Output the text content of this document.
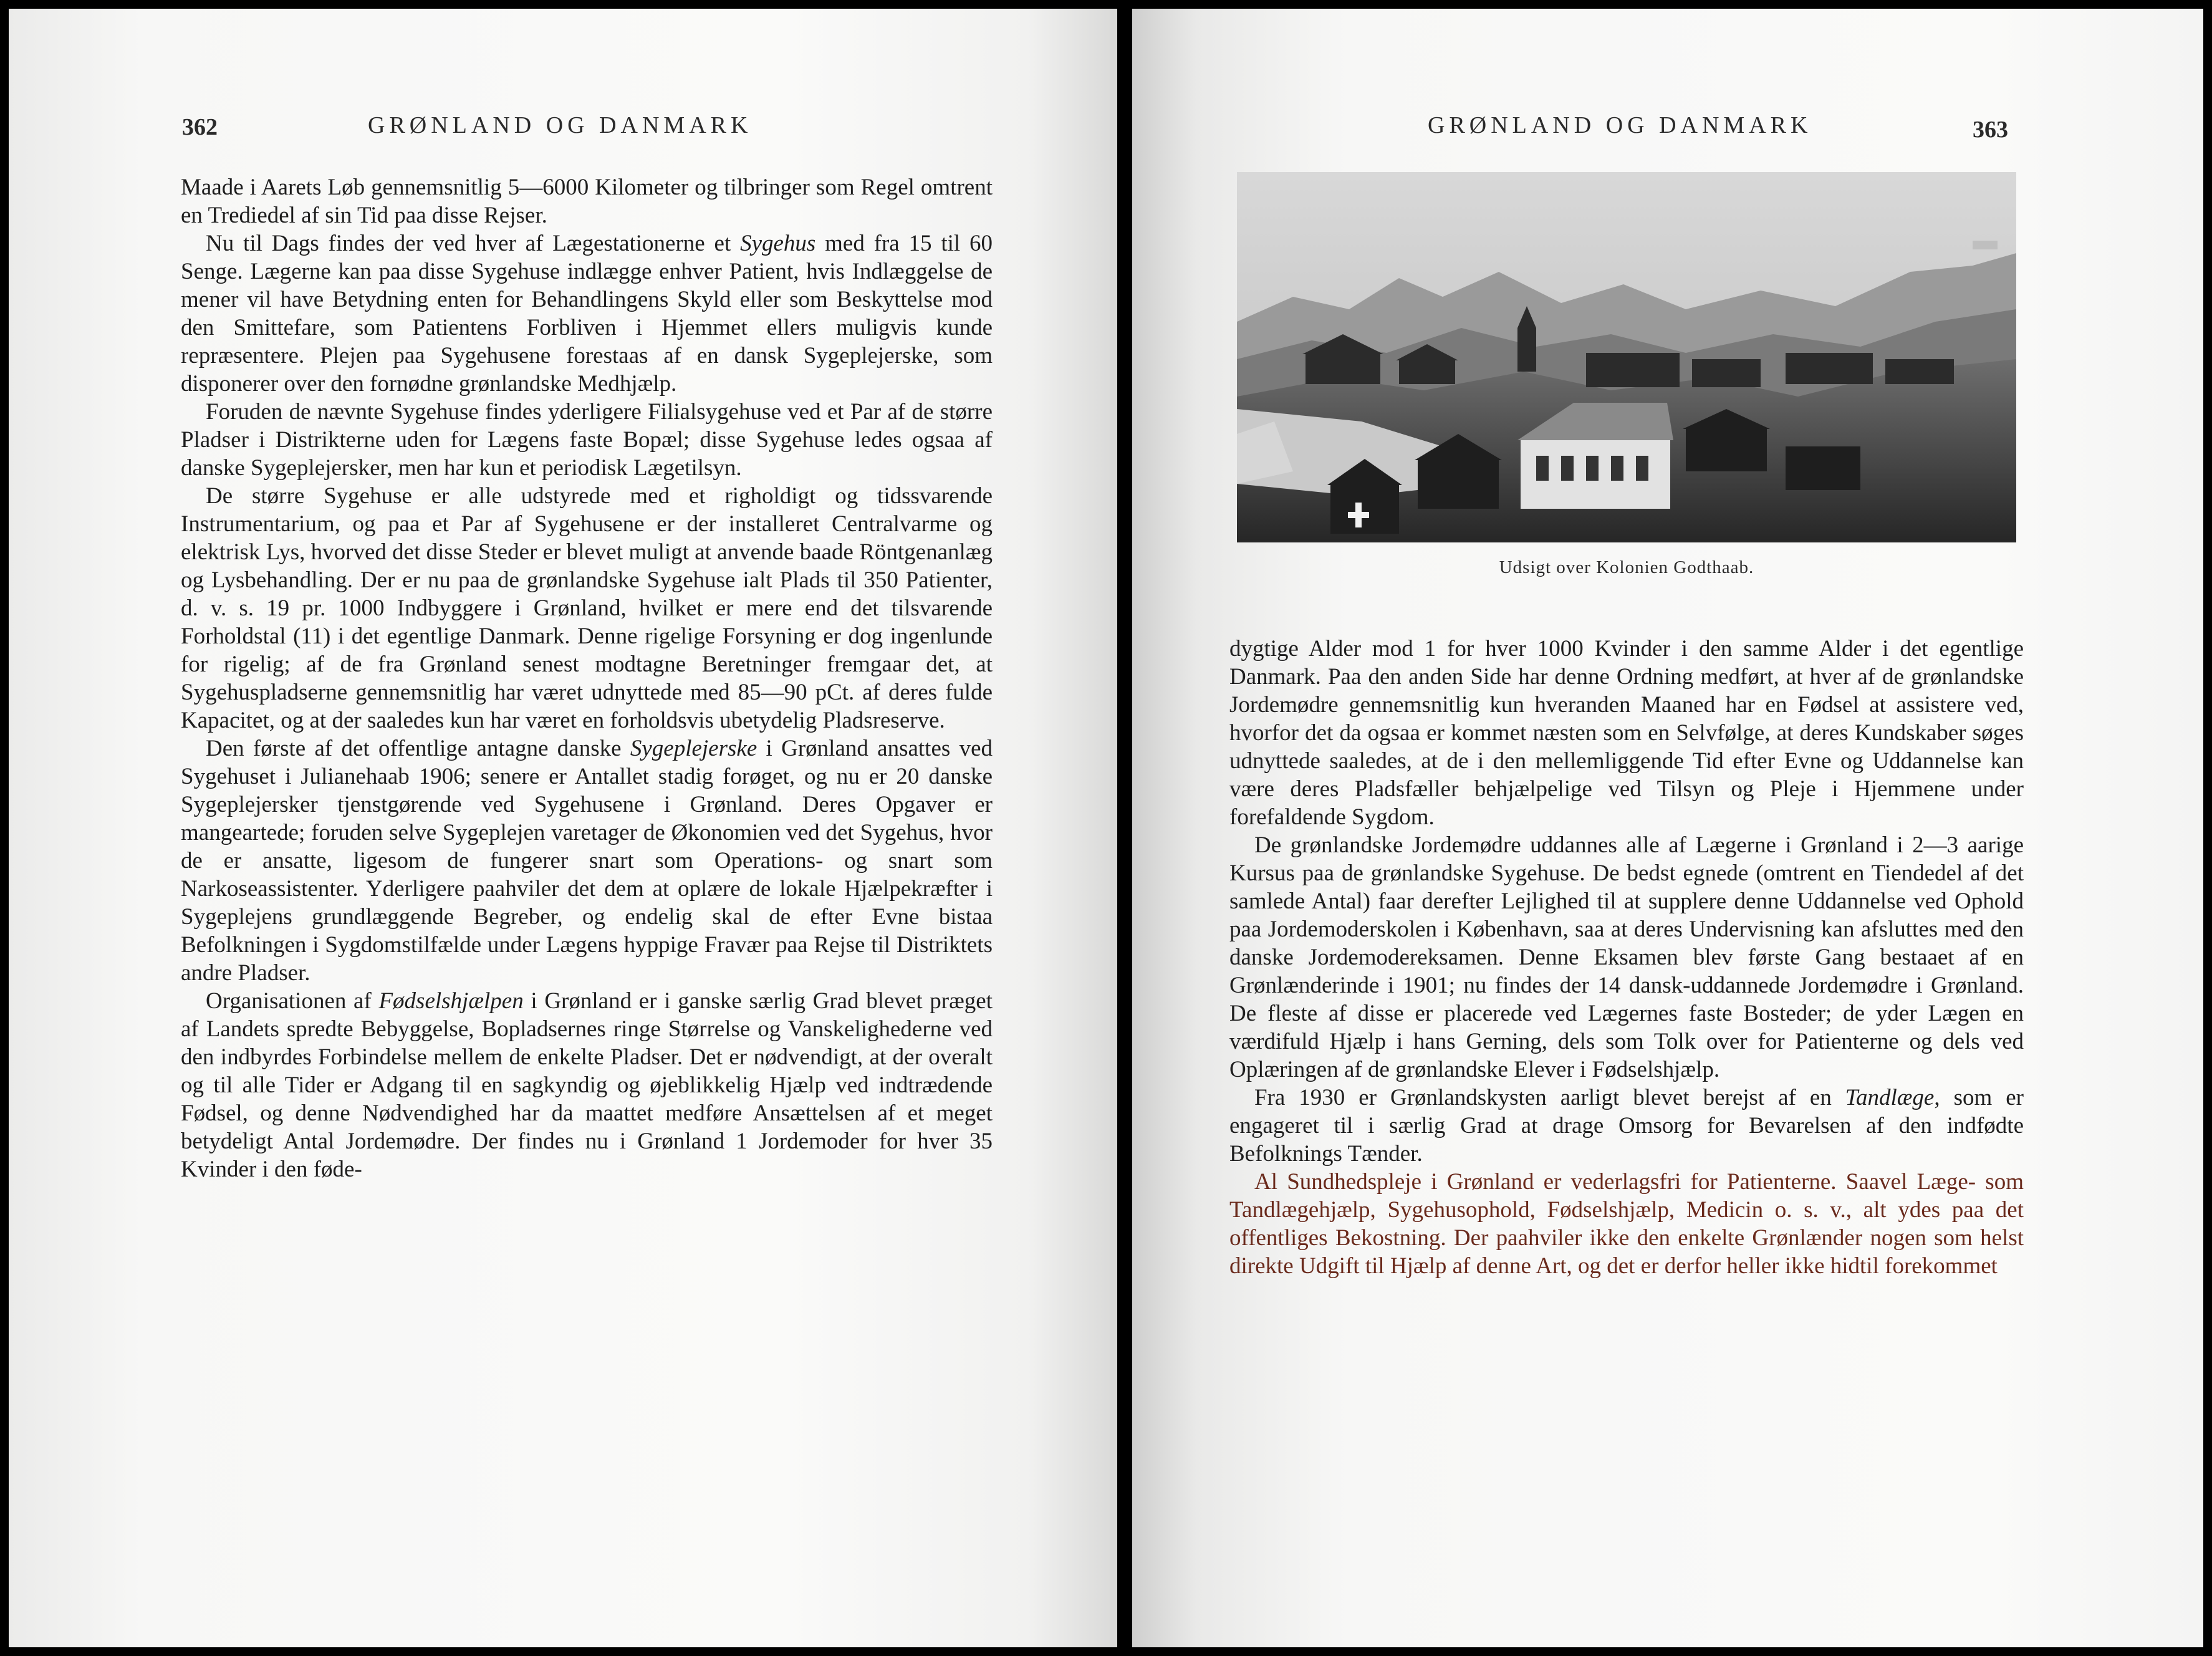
362	GRØNLAND OG DANMARK

Maade i Aarets Løb gennemsnitlig 5—6000 Kilometer og tilbringer som Regel omtrent en Trediedel af sin Tid paa disse Rejser.

Nu til Dags findes der ved hver af Lægestationerne et Sygehus med fra 15 til 60 Senge. Lægerne kan paa disse Sygehuse indlægge enhver Patient, hvis Indlæggelse de mener vil have Betydning enten for Behandlingens Skyld eller som Beskyttelse mod den Smittefare, som Patientens Forbliven i Hjemmet ellers muligvis kunde repræsentere. Plejen paa Sygehusene forestaas af en dansk Sygeplejerske, som disponerer over den fornødne grønlandske Medhjælp.

Foruden de nævnte Sygehuse findes yderligere Filialsygehuse ved et Par af de større Pladser i Distrikterne uden for Lægens faste Bopæl; disse Sygehuse ledes ogsaa af danske Sygeplejersker, men har kun et periodisk Lægetilsyn.

De større Sygehuse er alle udstyrede med et righoldigt og tidssvarende Instrumentarium, og paa et Par af Sygehusene er der installeret Centralvarme og elektrisk Lys, hvorved det disse Steder er blevet muligt at anvende baade Röntgenanlæg og Lysbehandling. Der er nu paa de grønlandske Sygehuse ialt Plads til 350 Patienter, d. v. s. 19 pr. 1000 Indbyggere i Grønland, hvilket er mere end det tilsvarende Forholdstal (11) i det egentlige Danmark. Denne rigelige Forsyning er dog ingenlunde for rigelig; af de fra Grønland senest modtagne Beretninger fremgaar det, at Sygehuspladserne gennemsnitlig har været udnyttede med 85—90 pCt. af deres fulde Kapacitet, og at der saaledes kun har været en forholdsvis ubetydelig Pladsreserve.

Den første af det offentlige antagne danske Sygeplejerske i Grønland ansattes ved Sygehuset i Julianehaab 1906; senere er Antallet stadig forøget, og nu er 20 danske Sygeplejersker tjenstgørende ved Sygehusene i Grønland. Deres Opgaver er mangeartede; foruden selve Sygeplejen varetager de Økonomien ved det Sygehus, hvor de er ansatte, ligesom de fungerer snart som Operations- og snart som Narkoseassistenter. Yderligere paahviler det dem at oplære de lokale Hjælpekræfter i Sygeplejens grundlæggende Begreber, og endelig skal de efter Evne bistaa Befolkningen i Sygdomstilfælde under Lægens hyppige Fravær paa Rejse til Distriktets andre Pladser.

Organisationen af Fødselshjælpen i Grønland er i ganske særlig Grad blevet præget af Landets spredte Bebyggelse, Bopladsernes ringe Størrelse og Vanskelighederne ved den indbyrdes Forbindelse mellem de enkelte Pladser. Det er nødvendigt, at der overalt og til alle Tider er Adgang til en sagkyndig og øjeblikkelig Hjælp ved indtrædende Fødsel, og denne Nødvendighed har da maattet medføre Ansættelsen af et meget betydeligt Antal Jordemødre. Der findes nu i Grønland 1 Jordemoder for hver 35 Kvinder i den føde-

GRØNLAND OG DANMARK	363
Udsigt over Kolonien Godthaab.

dygtige Alder mod 1 for hver 1000 Kvinder i den samme Alder i det egentlige Danmark. Paa den anden Side har denne Ordning medført, at hver af de grønlandske Jordemødre gennemsnitlig kun hveranden Maaned har en Fødsel at assistere ved, hvorfor det da ogsaa er kommet næsten som en Selvfølge, at deres Kundskaber søges udnyttede saaledes, at de i den mellemliggende Tid efter Evne og Uddannelse kan være deres Pladsfæller behjælpelige ved Tilsyn og Pleje i Hjemmene under forefaldende Sygdom.

De grønlandske Jordemødre uddannes alle af Lægerne i Grønland i 2—3 aarige Kursus paa de grønlandske Sygehuse. De bedst egnede (omtrent en Tiendedel af det samlede Antal) faar derefter Lejlighed til at supplere denne Uddannelse ved Ophold paa Jordemoderskolen i København, saa at deres Undervisning kan afsluttes med den danske Jordemodereksamen. Denne Eksamen blev første Gang bestaaet af en Grønlænderinde i 1901; nu findes der 14 dansk-uddannede Jordemødre i Grønland. De fleste af disse er placerede ved Lægernes faste Bosteder; de yder Lægen en værdifuld Hjælp i hans Gerning, dels som Tolk over for Patienterne og dels ved Oplæringen af de grønlandske Elever i Fødselshjælp.

Fra 1930 er Grønlandskysten aarligt blevet berejst af en Tandlæge, som er engageret til i særlig Grad at drage Omsorg for Bevarelsen af den indfødte Befolknings Tænder.

Al Sundhedspleje i Grønland er vederlagsfri for Patienterne. Saavel Læge- som Tandlægehjælp, Sygehusophold, Fødselshjælp, Medicin o. s. v., alt ydes paa det offentliges Bekostning. Der paahviler ikke den enkelte Grønlænder nogen som helst direkte Udgift til Hjælp af denne Art, og det er derfor heller ikke hidtil forekommet
